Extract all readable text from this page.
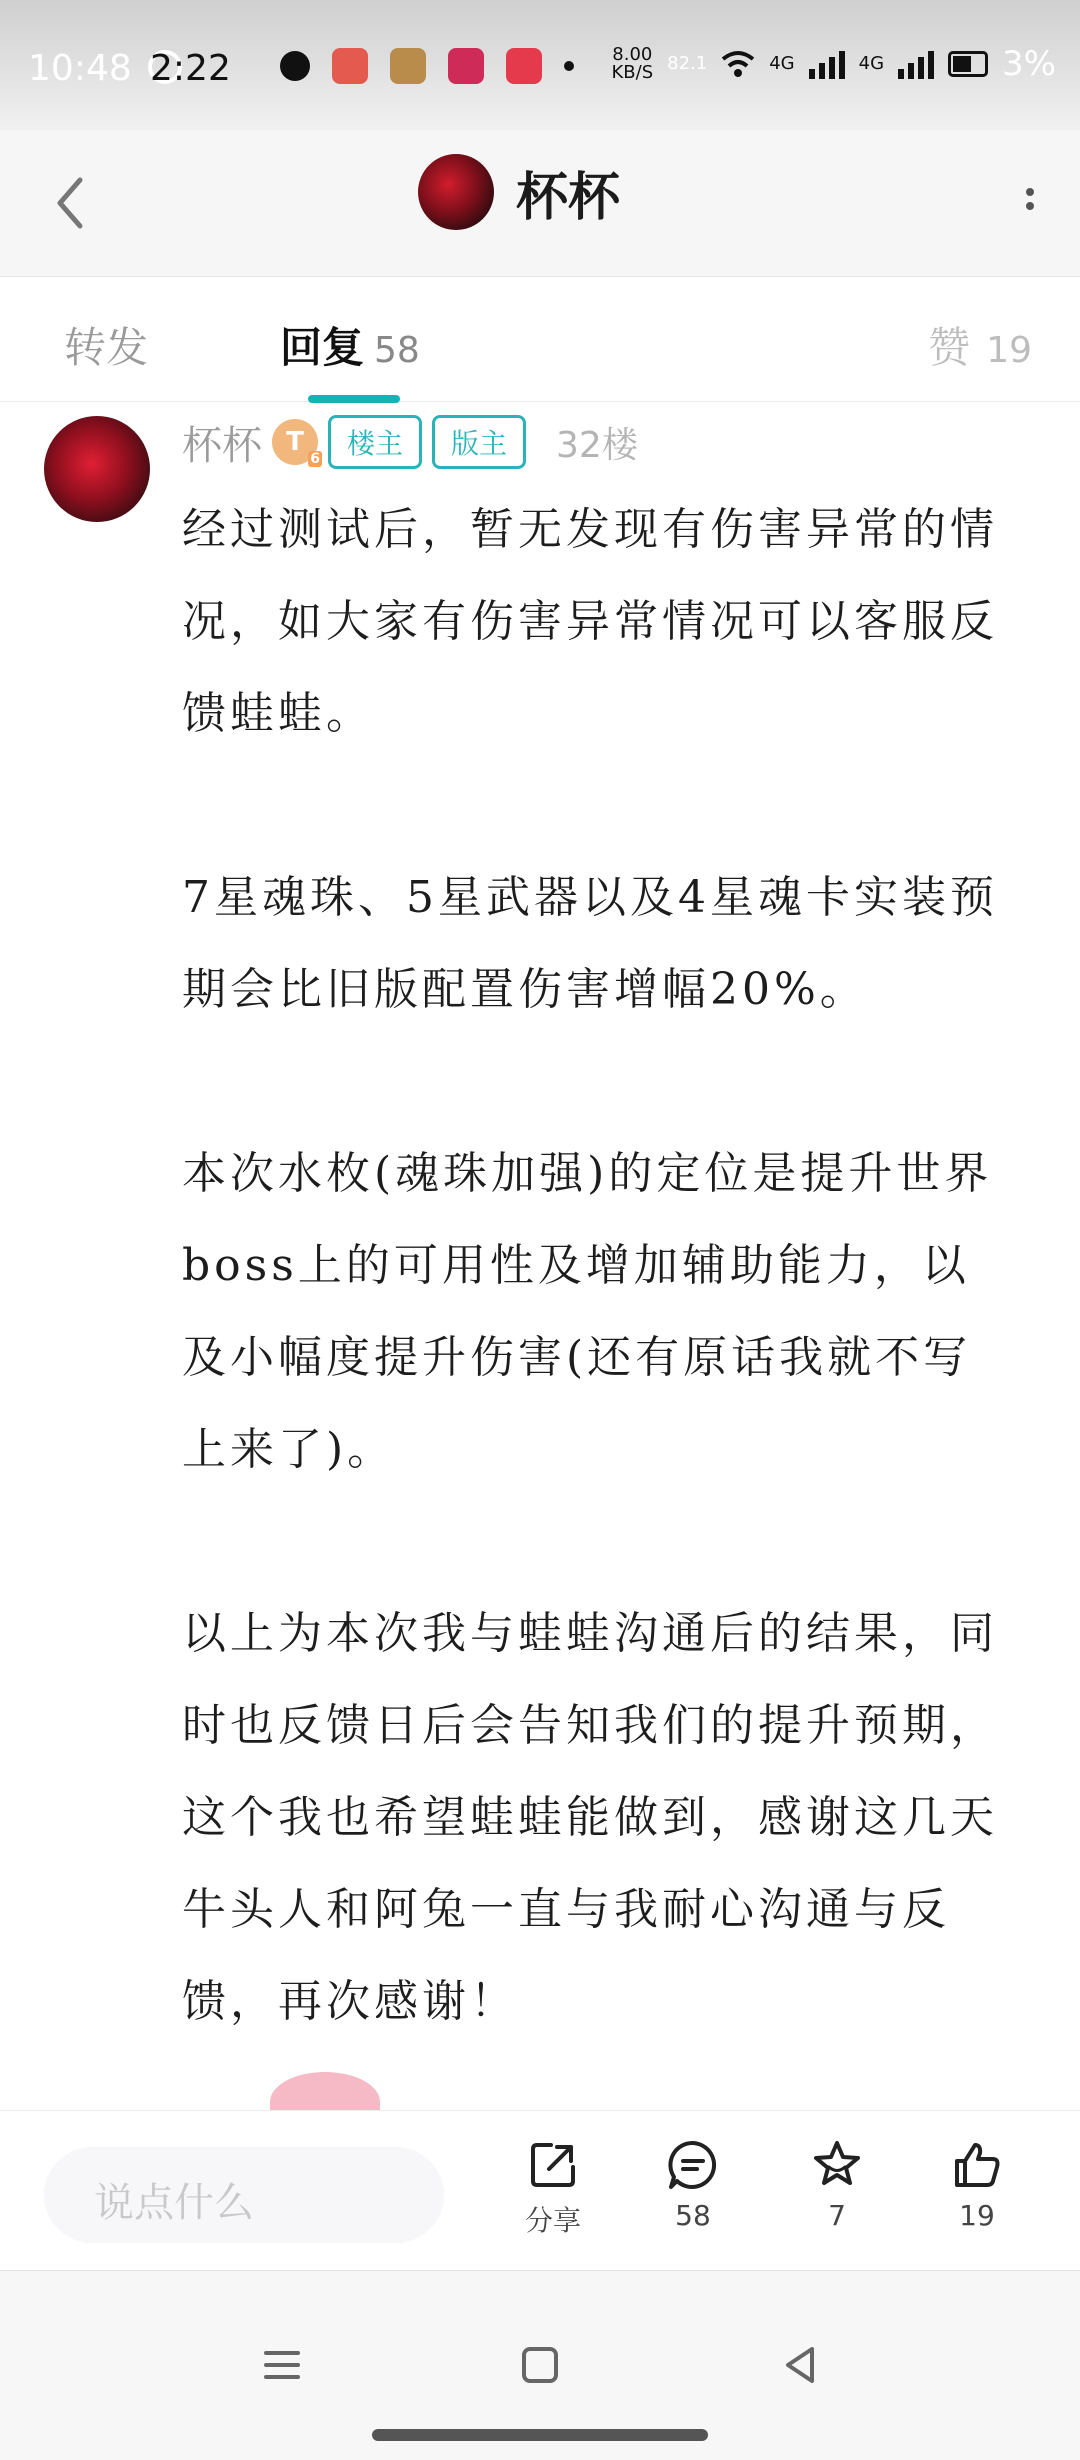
10:48 2:22	8.00
KB/S 82.1	4G	4G	3%
杯杯
转发	回复 58	赞 19
杯杯 T
6 楼主	版主	32楼

经过测试后，暂无发现有伤害异常的情况，如大家有伤害异常情况可以客服反馈蛙蛙。

7星魂珠、5星武器以及4星魂卡实装预期会比旧版配置伤害增幅20%。

本次水枚(魂珠加强)的定位是提升世界boss上的可用性及增加辅助能力，以及小幅度提升伤害(还有原话我就不写上来了)。

以上为本次我与蛙蛙沟通后的结果，同时也反馈日后会告知我们的提升预期，这个我也希望蛙蛙能做到，感谢这几天牛头人和阿兔一直与我耐心沟通与反馈，再次感谢！

说点什么	分享	58	7	19
